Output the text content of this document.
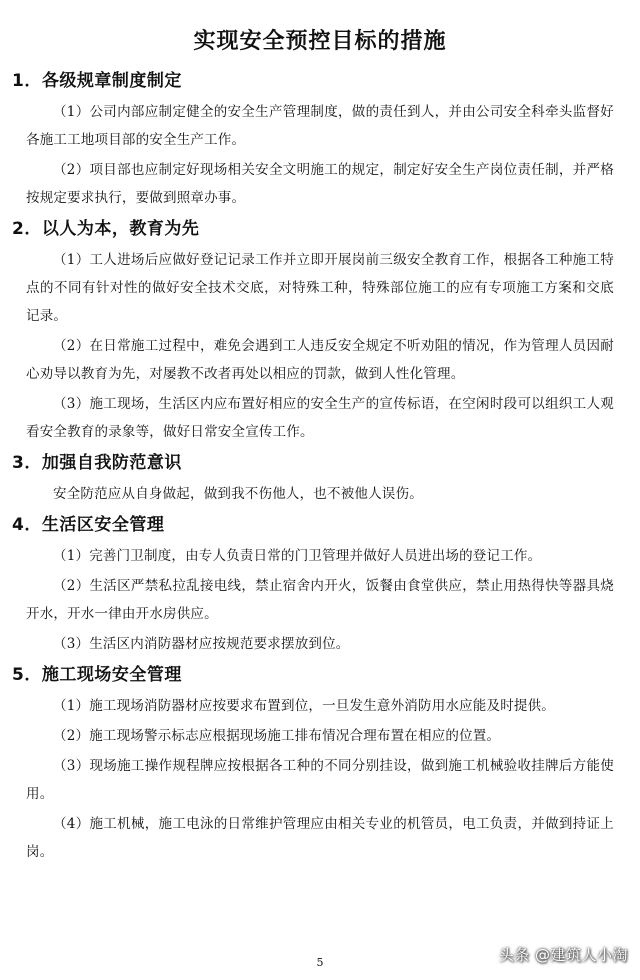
实现安全预控目标的措施
1．各级规章制度制定

（1）公司内部应制定健全的安全生产管理制度，做的责任到人，并由公司安全科牵头监督好各施工工地项目部的安全生产工作。

（2）项目部也应制定好现场相关安全文明施工的规定，制定好安全生产岗位责任制，并严格按规定要求执行，要做到照章办事。

2．以人为本，教育为先

（1）工人进场后应做好登记记录工作并立即开展岗前三级安全教育工作，根据各工种施工特点的不同有针对性的做好安全技术交底，对特殊工种，特殊部位施工的应有专项施工方案和交底记录。

（2）在日常施工过程中，难免会遇到工人违反安全规定不听劝阻的情况，作为管理人员因耐心劝导以教育为先，对屡教不改者再处以相应的罚款，做到人性化管理。

（3）施工现场，生活区内应布置好相应的安全生产的宣传标语，在空闲时段可以组织工人观看安全教育的录象等，做好日常安全宣传工作。

3．加强自我防范意识

安全防范应从自身做起，做到我不伤他人，也不被他人误伤。

4．生活区安全管理

（1）完善门卫制度，由专人负责日常的门卫管理并做好人员进出场的登记工作。

（2）生活区严禁私拉乱接电线，禁止宿舍内开火，饭餐由食堂供应，禁止用热得快等器具烧开水，开水一律由开水房供应。

（3）生活区内消防器材应按规范要求摆放到位。

5．施工现场安全管理

（1）施工现场消防器材应按要求布置到位，一旦发生意外消防用水应能及时提供。

（2）施工现场警示标志应根据现场施工排布情况合理布置在相应的位置。

（3）现场施工操作规程牌应按根据各工种的不同分别挂设，做到施工机械验收挂牌后方能使用。

（4）施工机械，施工电泳的日常维护管理应由相关专业的机管员，电工负责，并做到持证上岗。

5	头条 @建筑人小淘
